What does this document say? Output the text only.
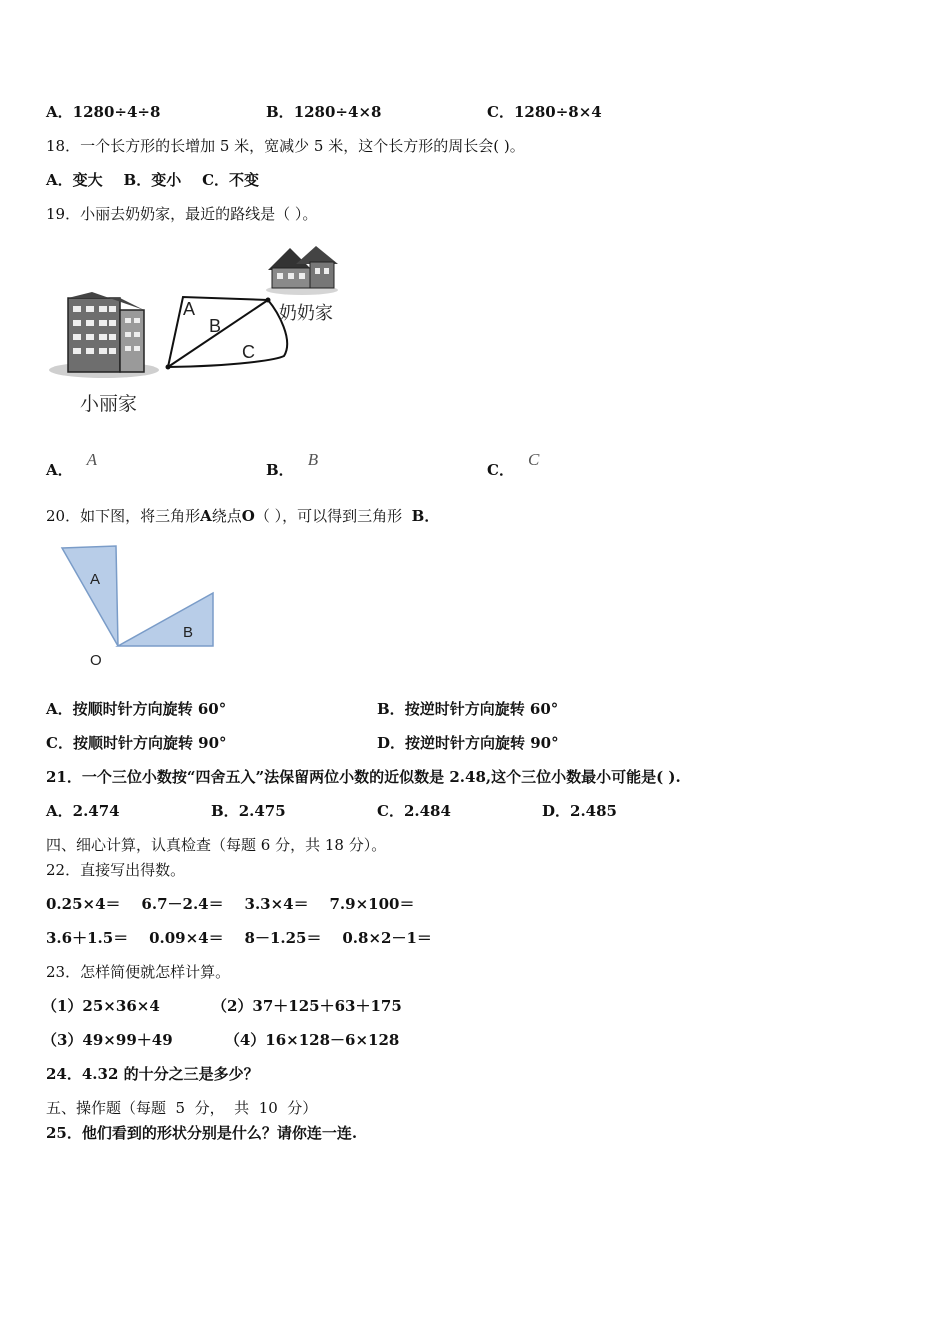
A．1280÷4÷8	B．1280÷4×8	C．1280÷8×4
18．一个长方形的长增加 5 米，宽减少 5 米，这个长方形的周长会( )。
A．变大    B．变小    C．不变
19．小丽去奶奶家，最近的路线是（ ）。
A
B
C
奶奶家
小丽家
A．A
B．B
C．C
20．如下图，将三角形A绕点O（ ），可以得到三角形 B．
A
B
O
A．按顺时针方向旋转 60°	B．按逆时针方向旋转 60°
C．按顺时针方向旋转 90°	D．按逆时针方向旋转 90°
21．一个三位小数按“四舍五入”法保留两位小数的近似数是 2.48,这个三位小数最小可能是( ).
A．2.474	B．2.475	C．2.484	D．2.485
四、细心计算，认真检查（每题 6 分，共 18 分）。
22．直接写出得数。
0.25×4＝    6.7－2.4＝    3.3×4＝    7.9×100＝
3.6＋1.5＝    0.09×4＝    8－1.25＝    0.8×2－1＝
23．怎样简便就怎样计算。
（1）25×36×4          （2）37＋125＋63＋175
（3）49×99＋49          （4）16×128－6×128
24．4.32 的十分之三是多少？
五、操作题（每题  5  分，  共  10  分）
25．他们看到的形状分别是什么？请你连一连.
